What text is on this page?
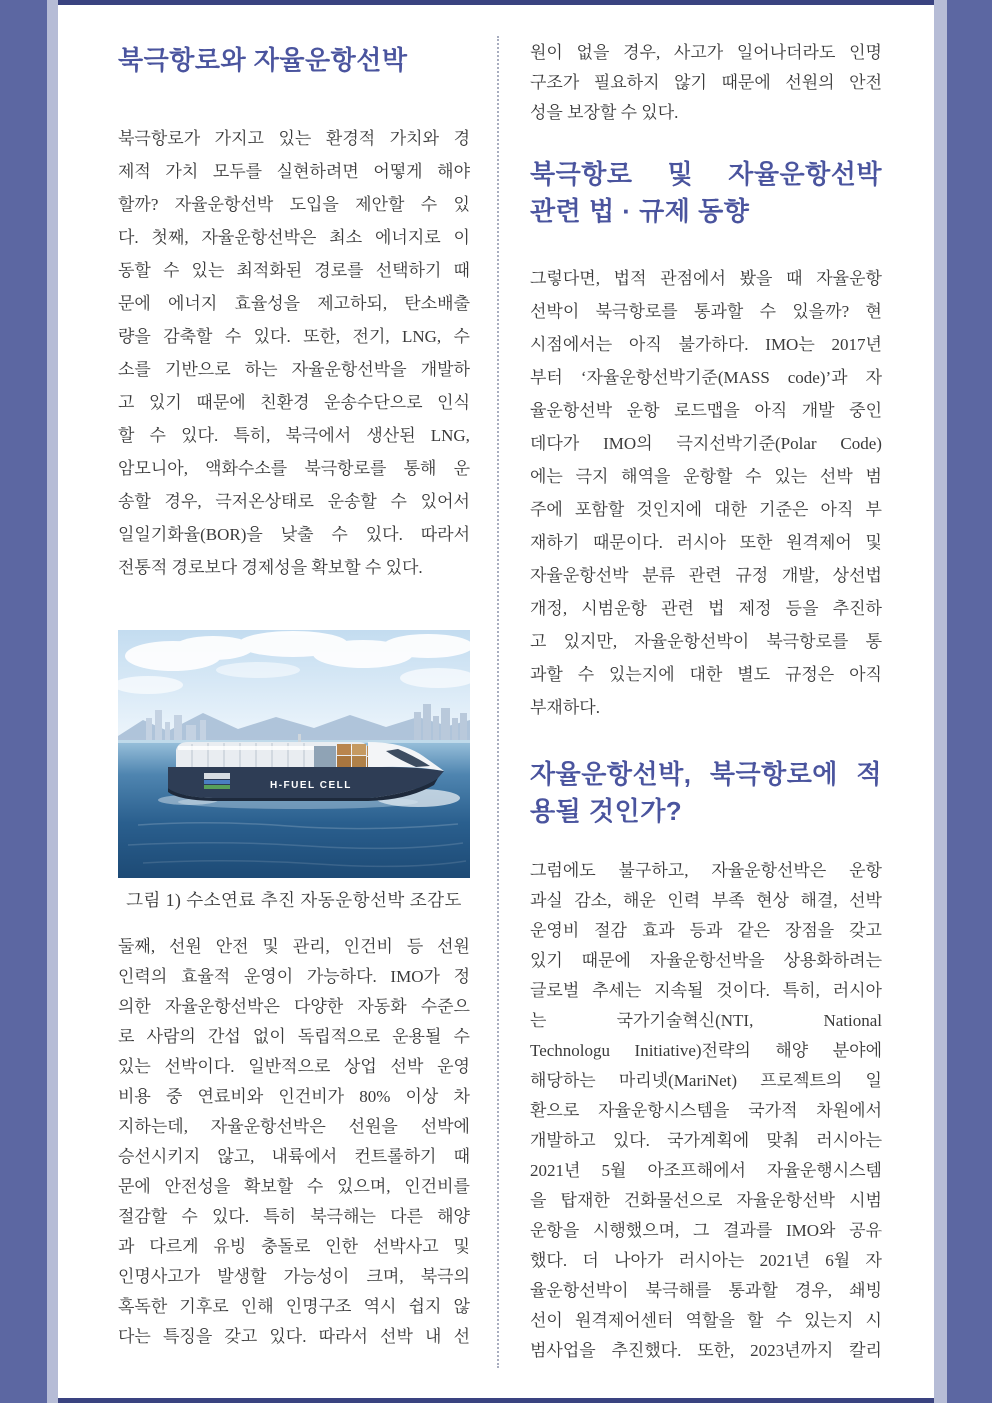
북극항로와 자율운항선박
북극항로가 가지고 있는 환경적 가치와 경
제적 가치 모두를 실현하려면 어떻게 해야
할까? 자율운항선박 도입을 제안할 수 있
다. 첫째, 자율운항선박은 최소 에너지로 이
동할 수 있는 최적화된 경로를 선택하기 때
문에 에너지 효율성을 제고하되, 탄소배출
량을 감축할 수 있다. 또한, 전기, LNG, 수
소를 기반으로 하는 자율운항선박을 개발하
고 있기 때문에 친환경 운송수단으로 인식
할 수 있다. 특히, 북극에서 생산된 LNG,
암모니아, 액화수소를 북극항로를 통해 운
송할 경우, 극저온상태로 운송할 수 있어서
일일기화율(BOR)을 낮출 수 있다. 따라서
전통적 경로보다 경제성을 확보할 수 있다.
H-FUEL CELL
그림 1) 수소연료 추진 자동운항선박 조감도
둘째, 선원 안전 및 관리, 인건비 등 선원
인력의 효율적 운영이 가능하다. IMO가 정
의한 자율운항선박은 다양한 자동화 수준으
로 사람의 간섭 없이 독립적으로 운용될 수
있는 선박이다. 일반적으로 상업 선박 운영
비용 중 연료비와 인건비가 80% 이상 차
지하는데, 자율운항선박은 선원을 선박에
승선시키지 않고, 내륙에서 컨트롤하기 때
문에 안전성을 확보할 수 있으며, 인건비를
절감할 수 있다. 특히 북극해는 다른 해양
과 다르게 유빙 충돌로 인한 선박사고 및
인명사고가 발생할 가능성이 크며, 북극의
혹독한 기후로 인해 인명구조 역시 쉽지 않
다는 특징을 갖고 있다. 따라서 선박 내 선
원이 없을 경우, 사고가 일어나더라도 인명
구조가 필요하지 않기 때문에 선원의 안전
성을 보장할 수 있다.
북극항로 및 자율운항선박
관련 법 · 규제 동향
그렇다면, 법적 관점에서 봤을 때 자율운항
선박이 북극항로를 통과할 수 있을까? 현
시점에서는 아직 불가하다. IMO는 2017년
부터 ‘자율운항선박기준(MASS code)’과 자
율운항선박 운항 로드맵을 아직 개발 중인
데다가 IMO의 극지선박기준(Polar Code)
에는 극지 해역을 운항할 수 있는 선박 범
주에 포함할 것인지에 대한 기준은 아직 부
재하기 때문이다. 러시아 또한 원격제어 및
자율운항선박 분류 관련 규정 개발, 상선법
개정, 시범운항 관련 법 제정 등을 추진하
고 있지만, 자율운항선박이 북극항로를 통
과할 수 있는지에 대한 별도 규정은 아직
부재하다.
자율운항선박, 북극항로에 적
용될 것인가?
그럼에도 불구하고, 자율운항선박은 운항
과실 감소, 해운 인력 부족 현상 해결, 선박
운영비 절감 효과 등과 같은 장점을 갖고
있기 때문에 자율운항선박을 상용화하려는
글로벌 추세는 지속될 것이다. 특히, 러시아
는	국가기술혁신(NTI,	National
Technologu Initiative)전략의 해양 분야에
해당하는 마리넷(MariNet) 프로젝트의 일
환으로 자율운항시스템을 국가적 차원에서
개발하고 있다. 국가계획에 맞춰 러시아는
2021년 5월 아조프해에서 자율운행시스템
을 탑재한 건화물선으로 자율운항선박 시범
운항을 시행했으며, 그 결과를 IMO와 공유
했다. 더 나아가 러시아는 2021년 6월 자
율운항선박이 북극해를 통과할 경우, 쇄빙
선이 원격제어센터 역할을 할 수 있는지 시
범사업을 추진했다. 또한, 2023년까지 칼리
